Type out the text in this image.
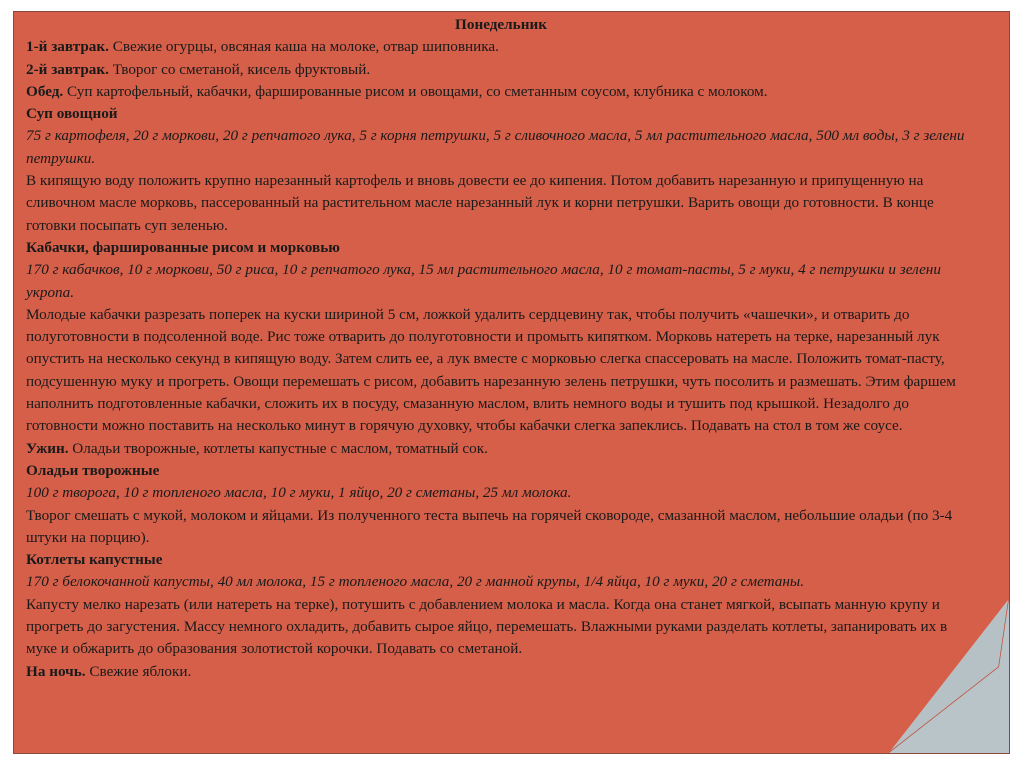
Понедельник

1-й завтрак. Свежие огурцы, овсяная каша на молоке, отвар шиповника.

2-й завтрак. Творог со сметаной, кисель фруктовый.

Обед. Суп картофельный, кабачки, фаршированные рисом и овощами, со сметанным соусом, клубника с молоком.

Суп овощной

75 г картофеля, 20 г моркови, 20 г репчатого лука, 5 г корня петрушки, 5 г сливочного масла, 5 мл растительного масла, 500 мл воды, 3 г зелени петрушки.

В кипящую воду положить крупно нарезанный картофель и вновь довести ее до кипения. Потом добавить нарезанную и припущенную на сливочном масле морковь, пассерованный на растительном масле нарезанный лук и корни петрушки. Варить овощи до готовности. В конце готовки посыпать суп зеленью.

Кабачки, фаршированные рисом и морковью

170 г кабачков, 10 г моркови, 50 г риса, 10 г репчатого лука, 15 мл растительного масла, 10 г томат-пасты, 5 г муки, 4 г петрушки и зелени укропа.

Молодые кабачки разрезать поперек на куски шириной 5 см, ложкой удалить сердцевину так, чтобы получить «чашечки», и отварить до полуготовности в подсоленной воде. Рис тоже отварить до полуготовности и промыть кипятком. Морковь натереть на терке, нарезанный лук опустить на несколько секунд в кипящую воду. Затем слить ее, а лук вместе с морковью слегка спассеровать на масле. Положить томат-пасту, подсушенную муку и прогреть. Овощи перемешать с рисом, добавить нарезанную зелень петрушки, чуть посолить и размешать. Этим фаршем наполнить подготовленные кабачки, сложить их в посуду, смазанную маслом, влить немного воды и тушить под крышкой. Незадолго до готовности можно поставить на несколько минут в горячую духовку, чтобы кабачки слегка запеклись. Подавать на стол в том же соусе.

Ужин. Оладьи творожные, котлеты капустные с маслом, томатный сок.

Оладьи творожные

100 г творога, 10 г топленого масла, 10 г муки, 1 яйцо, 20 г сметаны, 25 мл молока.

Творог смешать с мукой, молоком и яйцами. Из полученного теста выпечь на горячей сковороде, смазанной маслом, небольшие оладьи (по 3-4 штуки на порцию).

Котлеты капустные

170 г белокочанной капусты, 40 мл молока, 15 г топленого масла, 20 г манной крупы, 1/4 яйца, 10 г муки, 20 г сметаны.

Капусту мелко нарезать (или натереть на терке), потушить с добавлением молока и масла. Когда она станет мягкой, всыпать манную крупу и прогреть до загустения. Массу немного охладить, добавить сырое яйцо, перемешать. Влажными руками разделать котлеты, запанировать их в муке и обжарить до образования золотистой корочки. Подавать со сметаной.

На ночь. Свежие яблоки.
